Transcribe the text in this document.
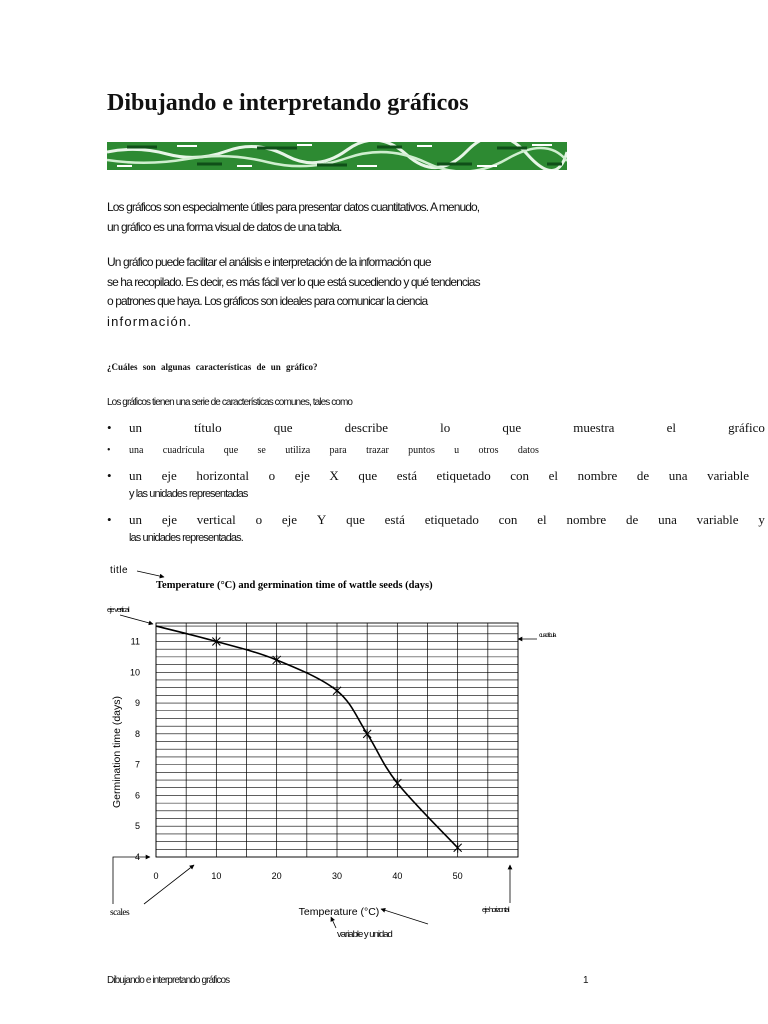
Dibujando e interpretando gráficos
Los gráficos son especialmente útiles para presentar datos cuantitativos. A menudo,
un gráfico es una forma visual de datos de una tabla.
Un gráfico puede facilitar el análisis e interpretación de la información que
se ha recopilado. Es decir, es más fácil ver lo que está sucediendo y qué tendencias
o patrones que haya. Los gráficos son ideales para comunicar la ciencia
información.
¿Cuáles son algunas características de un gráfico?
Los gráficos tienen una serie de características comunes, tales como
• un	título	que	describe	lo	que	muestra	el	gráfico
• una cuadrícula que se utiliza para trazar puntos u otros datos
• un eje horizontal o eje X que está etiquetado con el nombre de una variable
y las unidades representadas
• un eje vertical o eje Y que está etiquetado con el nombre de una variable y
las unidades representadas.
0	10	20	30	40	50
4
5
6
7
8
9
10
11
Temperature (°C) and germination time of wattle seeds (days)
Temperature (°C)
Germination time (days)
title
eje vertical
cuadrícula
scales	eje horizontal
variable y unidad
Dibujando e interpretando gráficos	1
